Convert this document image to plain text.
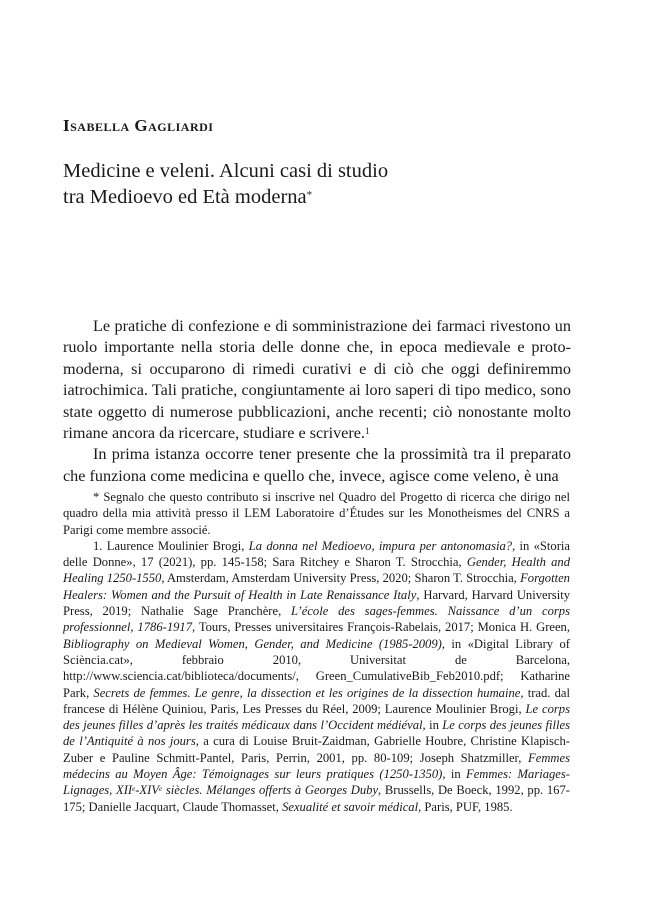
Isabella Gagliardi
Medicine e veleni. Alcuni casi di studio
tra Medioevo ed Età moderna*

Le pratiche di confezione e di somministrazione dei farmaci rivestono un ruolo importante nella storia delle donne che, in epoca medievale e proto-moderna, si occuparono di rimedi curativi e di ciò che oggi definiremmo iatrochimica. Tali pratiche, congiuntamente ai loro saperi di tipo medico, sono state oggetto di numerose pubblicazioni, anche recenti; ciò nonostante molto rimane ancora da ricercare, studiare e scrivere.$^1$

In prima istanza occorre tener presente che la prossimità tra il preparato che funziona come medicina e quello che, invece, agisce come veleno, è una

* Segnalo che questo contributo si inscrive nel Quadro del Progetto di ricerca che dirigo nel quadro della mia attività presso il LEM Laboratoire d’Études sur les Monotheismes del CNRS a Parigi come membre associé.

1. Laurence Moulinier Brogi, La donna nel Medioevo, impura per antonomasia?, in «Storia delle Donne», 17 (2021), pp. 145-158; Sara Ritchey e Sharon T. Strocchia, Gender, Health and Healing 1250-1550, Amsterdam, Amsterdam University Press, 2020; Sharon T. Strocchia, Forgotten Healers: Women and the Pursuit of Health in Late Renaissance Italy, Harvard, Harvard University Press, 2019; Nathalie Sage Pranchère, L’école des sages-femmes. Naissance d’un corps professionnel, 1786-1917, Tours, Presses universitaires François-Rabelais, 2017; Monica H. Green, Bibliography on Medieval Women, Gender, and Medicine (1985-2009), in «Digital Library of Sciència.cat», febbraio 2010, Universitat de Barcelona, http://www.sciencia.cat/biblioteca/documents/, Green_CumulativeBib_Feb2010.pdf; Katharine Park, Secrets de femmes. Le genre, la dissection et les origines de la dissection humaine, trad. dal francese di Hélène Quiniou, Paris, Les Presses du Réel, 2009; Laurence Moulinier Brogi, Le corps des jeunes filles d’après les traités médicaux dans l’Occident médiéval, in Le corps des jeunes filles de l’Antiquité à nos jours, a cura di Louise Bruit-Zaidman, Gabrielle Houbre, Christine Klapisch-Zuber e Pauline Schmitt-Pantel, Paris, Perrin, 2001, pp. 80-109; Joseph Shatzmiller, Femmes médecins au Moyen Âge: Témoignages sur leurs pratiques (1250-1350), in Femmes: Mariages-Lignages, XIIe-XIVe siècles. Mélanges offerts à Georges Duby, Brussells, De Boeck, 1992, pp. 167-175; Danielle Jacquart, Claude Thomasset, Sexualité et savoir médical, Paris, PUF, 1985.
